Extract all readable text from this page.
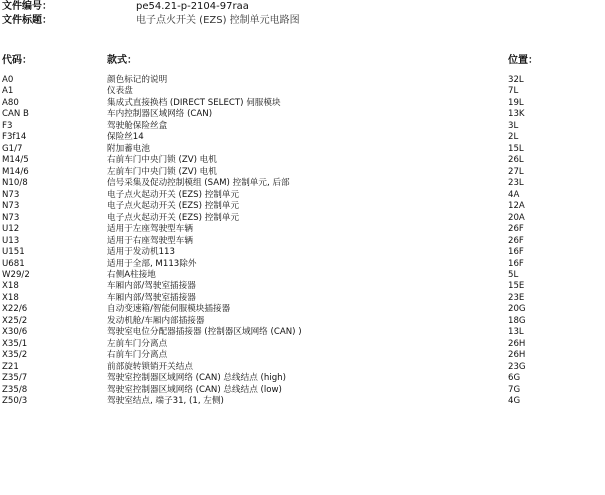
文件编号：	pe54.21-p-2104-97raa
文件标题：	电子点火开关 (EZS) 控制单元电路图
代码：	款式：	位置：
A0	颜色标记的说明	32L
A1	仪表盘	7L
A80	集成式直接换档 (DIRECT SELECT) 伺服模块	19L
CAN B	车内控制器区域网络 (CAN)	13K
F3	驾驶舱保险丝盒	3L
F3f14	保险丝14	2L
G1/7	附加蓄电池	15L
M14/5	右前车门中央门锁 (ZV) 电机	26L
M14/6	左前车门中央门锁 (ZV) 电机	27L
N10/8	信号采集及促动控制模组 (SAM) 控制单元, 后部	23L
N73	电子点火起动开关 (EZS) 控制单元	4A
N73	电子点火起动开关 (EZS) 控制单元	12A
N73	电子点火起动开关 (EZS) 控制单元	20A
U12	适用于左座驾驶型车辆	26F
U13	适用于右座驾驶型车辆	26F
U151	适用于发动机113	16F
U681	适用于全部, M113除外	16F
W29/2	右侧A柱接地	5L
X18	车厢内部/驾驶室插接器	15E
X18	车厢内部/驾驶室插接器	23E
X22/6	自动变速箱/智能伺服模块插接器	20G
X25/2	发动机舱/车厢内部插接器	18G
X30/6	驾驶室电位分配器插接器 (控制器区域网络 (CAN) )	13L
X35/1	左前车门分离点	26H
X35/2	右前车门分离点	26H
Z21	前部旋转锁销开关结点	23G
Z35/7	驾驶室控制器区域网络 (CAN) 总线结点 (high)	6G
Z35/8	驾驶室控制器区域网络 (CAN) 总线结点 (low)	7G
Z50/3	驾驶室结点, 端子31, (1, 左侧)	4G
